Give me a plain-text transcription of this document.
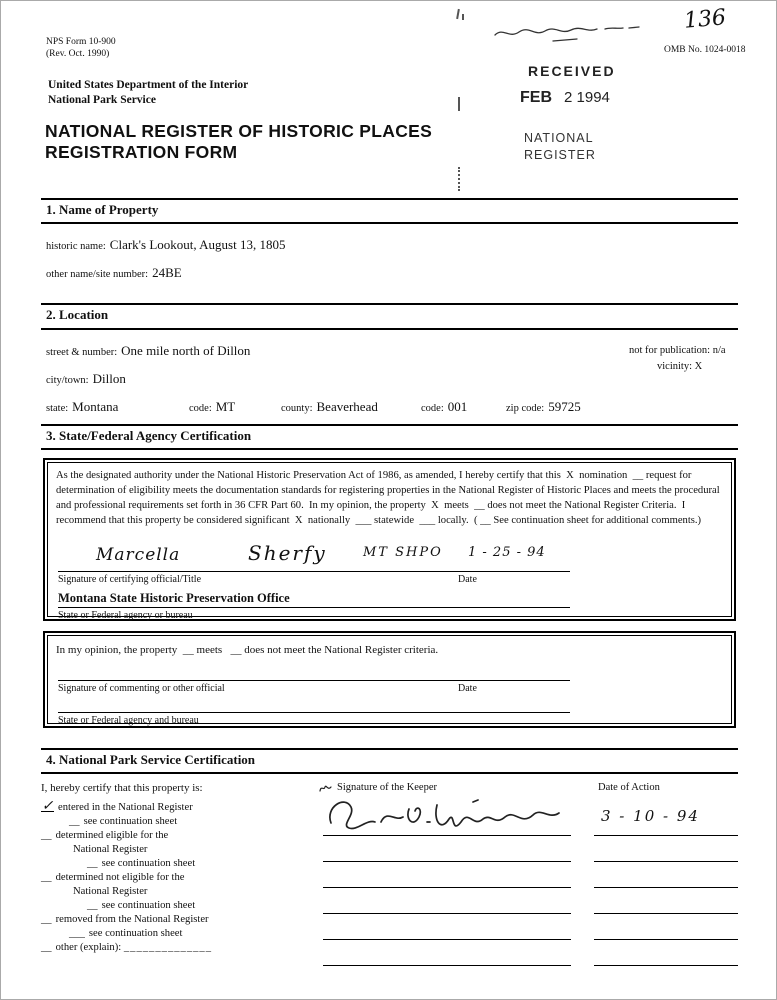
NPS Form 10-900
(Rev. Oct. 1990)	OMB No. 1024-0018
136
United States Department of the Interior
National Park Service
NATIONAL REGISTER OF HISTORIC PLACES
REGISTRATION FORM
RECEIVED
FEB 2 1994
NATIONAL
REGISTER
1. Name of Property
historic name: Clark's Lookout, August 13, 1805
other name/site number: 24BE
2. Location
street & number: One mile north of Dillon	not for publication: n/a
vicinity: X
city/town: Dillon
state: Montana	code: MT	county: Beaverhead	code: 001	zip code: 59725
3. State/Federal Agency Certification
As the designated authority under the National Historic Preservation Act of 1986, as amended, I hereby certify that this  X  nomination  __ request for determination of eligibility meets the documentation standards for registering properties in the National Register of Historic Places and meets the procedural and professional requirements set forth in 36 CFR Part 60.  In my opinion, the property  X  meets  __ does not meet the National Register Criteria.  I recommend that this property be considered significant  X  nationally  ___ statewide  ___ locally.  ( __ See continuation sheet for additional comments.)
Marcella	Sherfy	MT SHPO 1 - 25 - 94
Signature of certifying official/Title	Date
Montana State Historic Preservation Office
State or Federal agency or bureau
In my opinion, the property  __ meets   __ does not meet the National Register criteria.
Signature of commenting or other official	Date
State or Federal agency and bureau
4. National Park Service Certification
I, hereby certify that this property is:
✓ entered in the National Register
__ see continuation sheet
__ determined eligible for the
National Register
__ see continuation sheet
__ determined not eligible for the
National Register
__ see continuation sheet
__ removed from the National Register
___ see continuation sheet
__ other (explain): ______________
Signature of the Keeper	Date of Action
3 - 10 - 94
